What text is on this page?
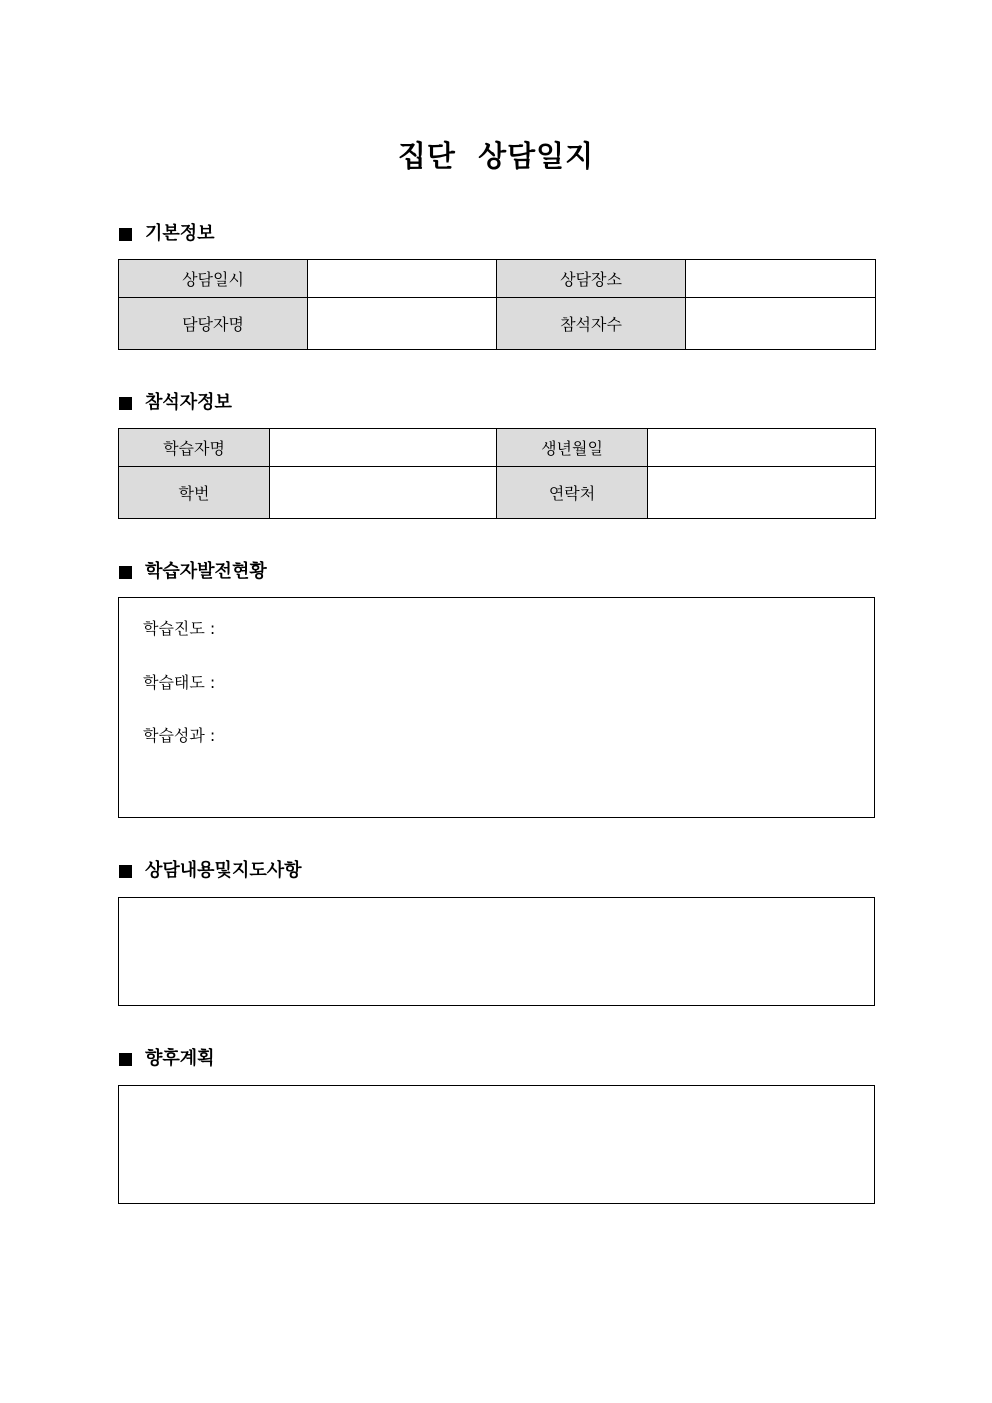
집단  상담일지
기본정보
상담일시		상담장소	
담당자명		참석자수	
참석자정보
학습자명		생년월일	
학번		연락처	
학습자발전현황
학습진도 :
학습태도 :
학습성과 :
상담내용및지도사항
향후계획
